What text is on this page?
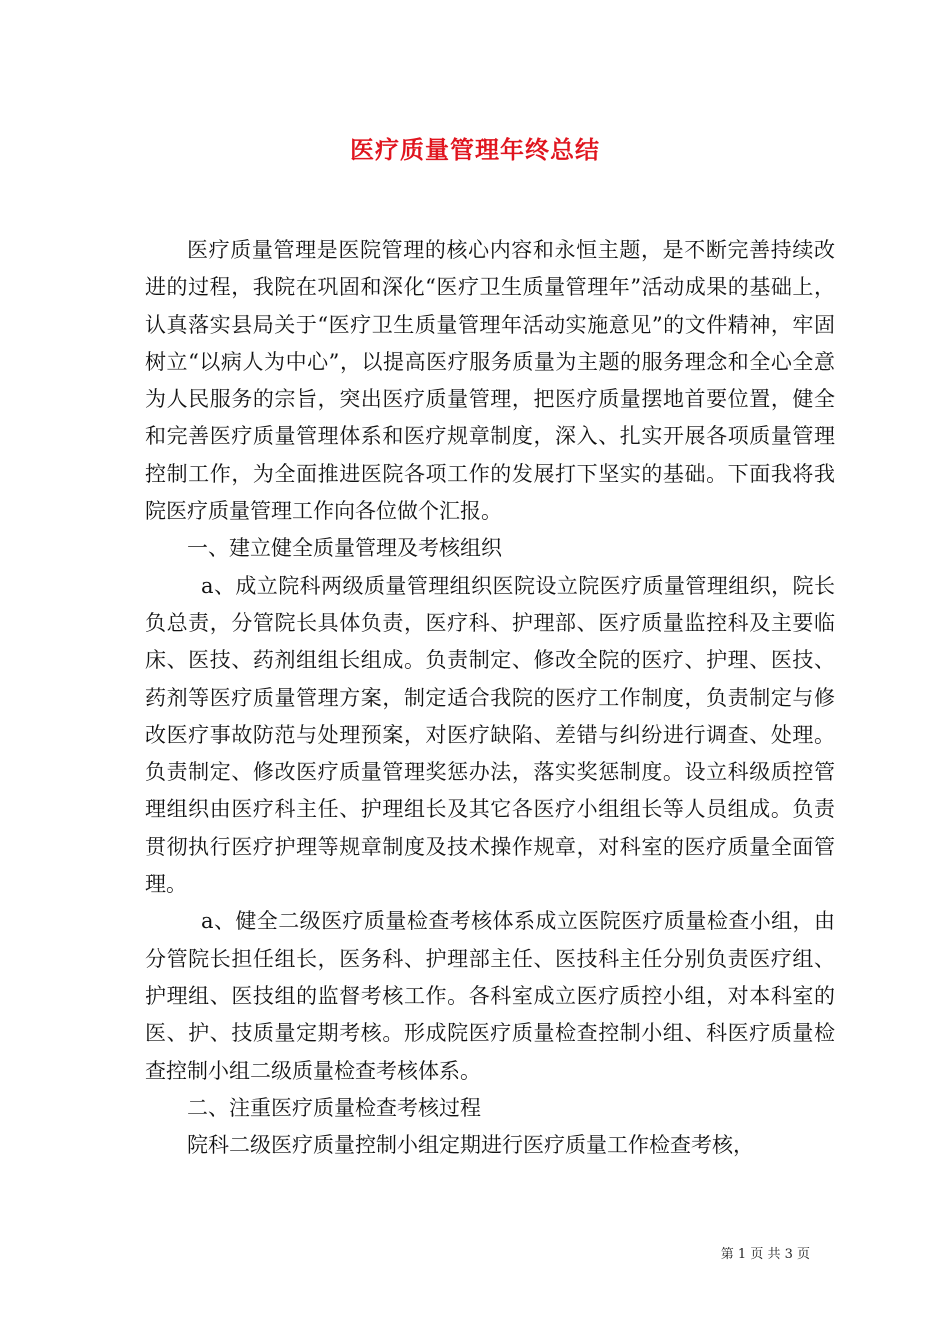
医疗质量管理年终总结

医疗质量管理是医院管理的核心内容和永恒主题，是不断完善持续改进的过程，我院在巩固和深化“医疗卫生质量管理年”活动成果的基础上，认真落实县局关于“医疗卫生质量管理年活动实施意见”的文件精神，牢固树立“以病人为中心”，以提高医疗服务质量为主题的服务理念和全心全意为人民服务的宗旨，突出医疗质量管理，把医疗质量摆地首要位置，健全和完善医疗质量管理体系和医疗规章制度，深入、扎实开展各项质量管理控制工作，为全面推进医院各项工作的发展打下坚实的基础。下面我将我院医疗质量管理工作向各位做个汇报。

一、建立健全质量管理及考核组织

a、成立院科两级质量管理组织医院设立院医疗质量管理组织，院长负总责，分管院长具体负责，医疗科、护理部、医疗质量监控科及主要临床、医技、药剂组组长组成。负责制定、修改全院的医疗、护理、医技、药剂等医疗质量管理方案，制定适合我院的医疗工作制度，负责制定与修改医疗事故防范与处理预案，对医疗缺陷、差错与纠纷进行调查、处理。负责制定、修改医疗质量管理奖惩办法，落实奖惩制度。设立科级质控管理组织由医疗科主任、护理组长及其它各医疗小组组长等人员组成。负责贯彻执行医疗护理等规章制度及技术操作规章，对科室的医疗质量全面管理。

a、健全二级医疗质量检查考核体系成立医院医疗质量检查小组，由分管院长担任组长，医务科、护理部主任、医技科主任分别负责医疗组、护理组、医技组的监督考核工作。各科室成立医疗质控小组，对本科室的医、护、技质量定期考核。形成院医疗质量检查控制小组、科医疗质量检查控制小组二级质量检查考核体系。

二、注重医疗质量检查考核过程

院科二级医疗质量控制小组定期进行医疗质量工作检查考核，

第 1 页 共 3 页
